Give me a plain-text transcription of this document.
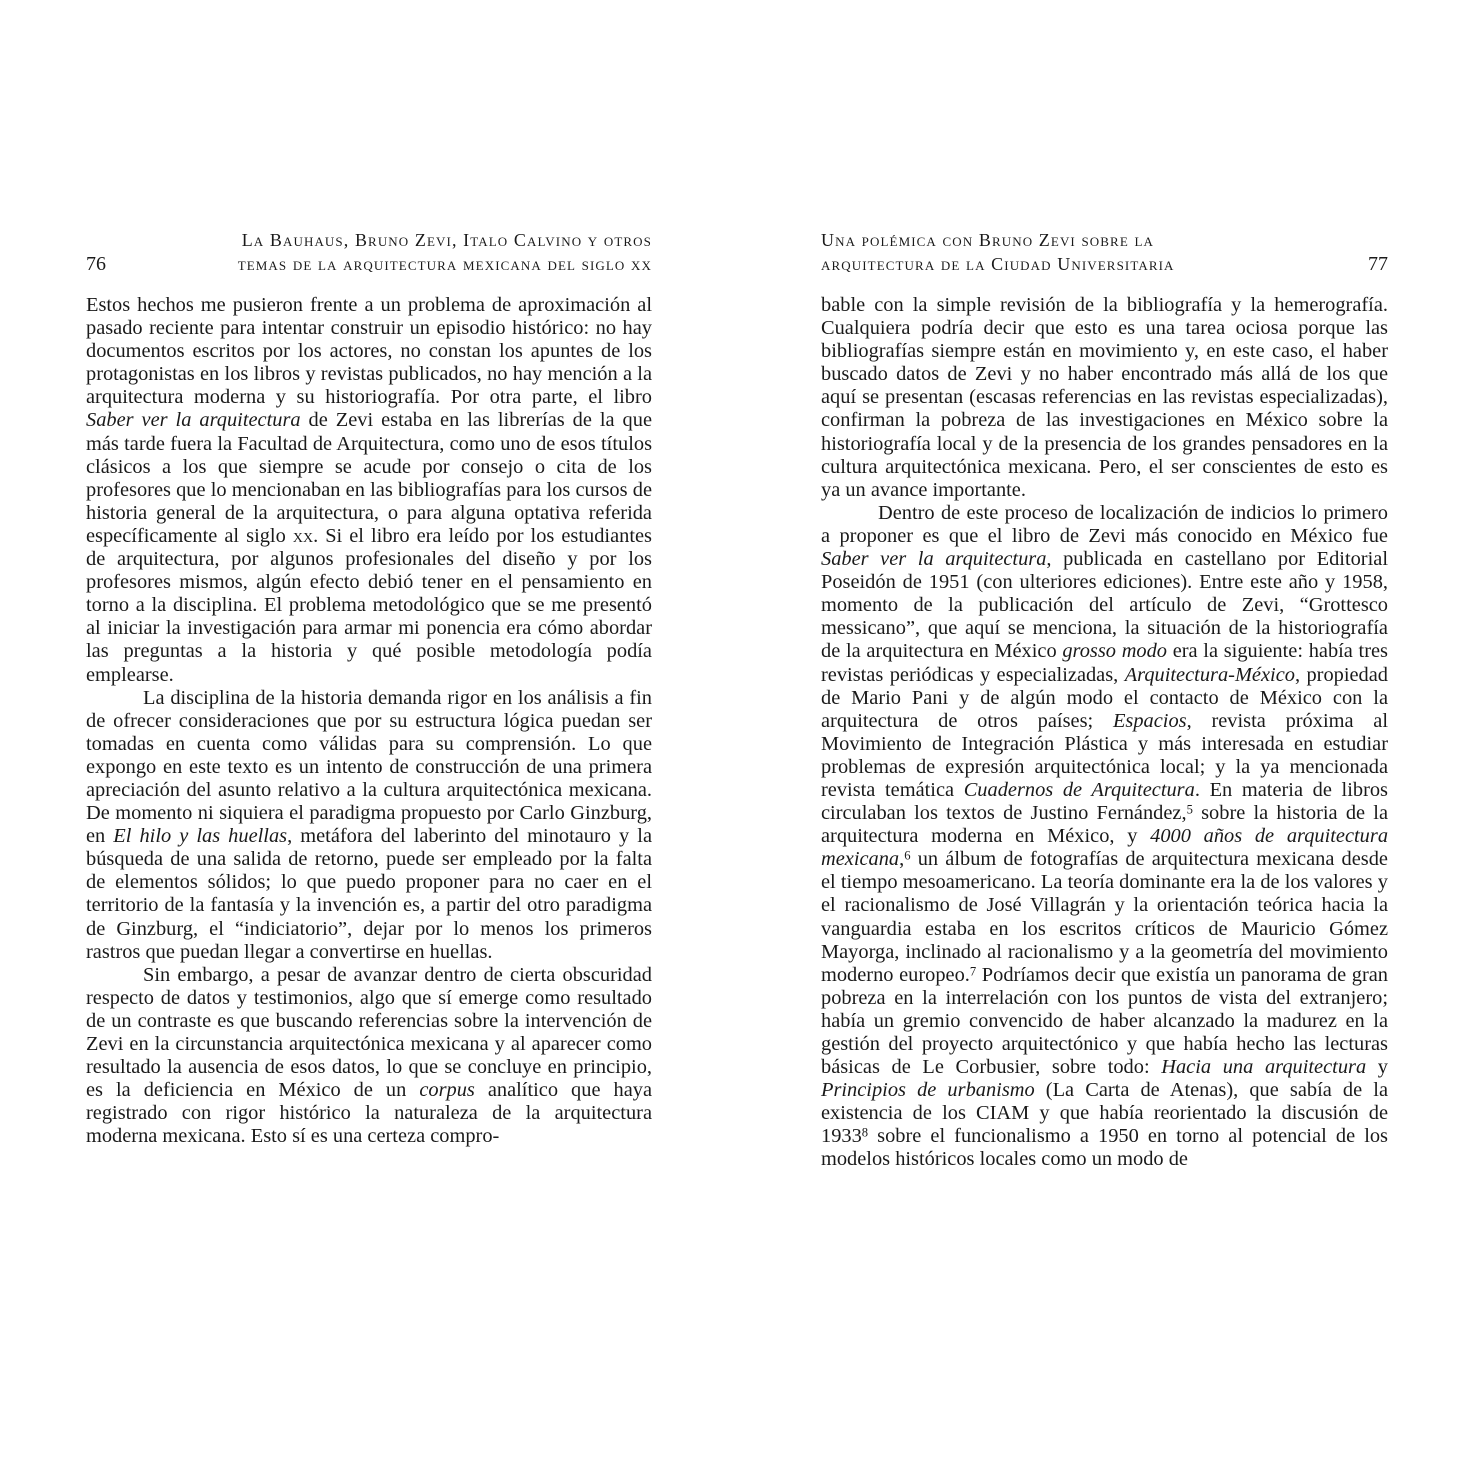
La Bauhaus, Bruno Zevi, Italo Calvino y otros
temas de la arquitectura mexicana del siglo xx
76

Estos hechos me pusieron frente a un problema de aproximación al pasado reciente para intentar construir un episodio histórico: no hay documentos escritos por los actores, no constan los apuntes de los protagonistas en los libros y revistas publicados, no hay mención a la arquitectura moderna y su historiografía. Por otra parte, el libro Saber ver la arquitectura de Zevi estaba en las librerías de la que más tarde fuera la Facultad de Arquitectura, como uno de esos títulos clásicos a los que siempre se acude por consejo o cita de los profesores que lo mencionaban en las bibliografías para los cursos de historia general de la arquitectura, o para alguna optativa referida específicamente al siglo xx. Si el libro era leído por los estudiantes de arquitectura, por algunos profesionales del diseño y por los profesores mismos, algún efecto debió tener en el pensamiento en torno a la disciplina. El problema metodológico que se me presentó al iniciar la investigación para armar mi ponencia era cómo abordar las preguntas a la historia y qué posible metodología podía emplearse.

La disciplina de la historia demanda rigor en los análisis a fin de ofrecer consideraciones que por su estructura lógica puedan ser tomadas en cuenta como válidas para su comprensión. Lo que expongo en este texto es un intento de construcción de una primera apreciación del asunto relativo a la cultura arquitectónica mexicana. De momento ni siquiera el paradigma propuesto por Carlo Ginzburg, en El hilo y las huellas, metáfora del laberinto del minotauro y la búsqueda de una salida de retorno, puede ser empleado por la falta de elementos sólidos; lo que puedo proponer para no caer en el territorio de la fantasía y la invención es, a partir del otro paradigma de Ginzburg, el “indiciatorio”, dejar por lo menos los primeros rastros que puedan llegar a convertirse en huellas.

Sin embargo, a pesar de avanzar dentro de cierta obscuridad respecto de datos y testimonios, algo que sí emerge como resultado de un contraste es que buscando referencias sobre la intervención de Zevi en la circunstancia arquitectónica mexicana y al aparecer como resultado la ausencia de esos datos, lo que se concluye en principio, es la deficiencia en México de un corpus analítico que haya registrado con rigor histórico la naturaleza de la arquitectura moderna mexicana. Esto sí es una certeza compro-

Una polémica con Bruno Zevi sobre la
arquitectura de la Ciudad Universitaria	77

bable con la simple revisión de la bibliografía y la hemerografía. Cualquiera podría decir que esto es una tarea ociosa porque las bibliografías siempre están en movimiento y, en este caso, el haber buscado datos de Zevi y no haber encontrado más allá de los que aquí se presentan (escasas referencias en las revistas especializadas), confirman la pobreza de las investigaciones en México sobre la historiografía local y de la presencia de los grandes pensadores en la cultura arquitectónica mexicana. Pero, el ser conscientes de esto es ya un avance importante.

Dentro de este proceso de localización de indicios lo primero a proponer es que el libro de Zevi más conocido en México fue Saber ver la arquitectura, publicada en castellano por Editorial Poseidón de 1951 (con ulteriores ediciones). Entre este año y 1958, momento de la publicación del artículo de Zevi, “Grottesco messicano”, que aquí se menciona, la situación de la historiografía de la arquitectura en México grosso modo era la siguiente: había tres revistas periódicas y especializadas, Arquitectura-México, propiedad de Mario Pani y de algún modo el contacto de México con la arquitectura de otros países; Espacios, revista próxima al Movimiento de Integración Plástica y más interesada en estudiar problemas de expresión arquitectónica local; y la ya mencionada revista temática Cuadernos de Arquitectura. En materia de libros circulaban los textos de Justino Fernández,$^5$ sobre la historia de la arquitectura moderna en México, y 4000 años de arquitectura mexicana,$^6$ un álbum de fotografías de arquitectura mexicana desde el tiempo mesoamericano. La teoría dominante era la de los valores y el racionalismo de José Villagrán y la orientación teórica hacia la vanguardia estaba en los escritos críticos de Mauricio Gómez Mayorga, inclinado al racionalismo y a la geometría del movimiento moderno europeo.$^7$ Podríamos decir que existía un panorama de gran pobreza en la interrelación con los puntos de vista del extranjero; había un gremio convencido de haber alcanzado la madurez en la gestión del proyecto arquitectónico y que había hecho las lecturas básicas de Le Corbusier, sobre todo: Hacia una arquitectura y Principios de urbanismo (La Carta de Atenas), que sabía de la existencia de los CIAM y que había reorientado la discusión de 1933$^8$ sobre el funcionalismo a 1950 en torno al potencial de los modelos históricos locales como un modo de
